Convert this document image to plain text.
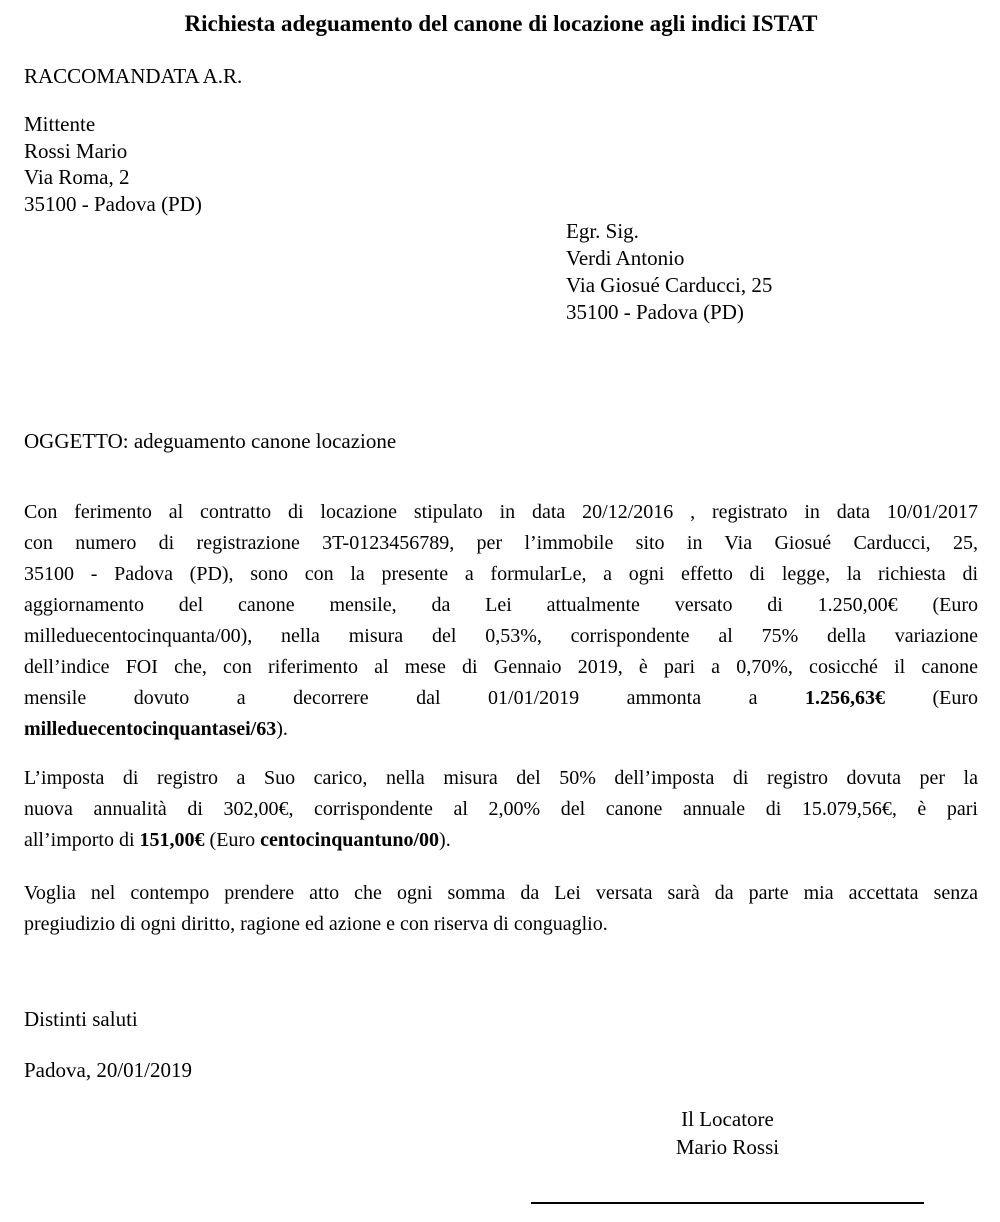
Richiesta adeguamento del canone di locazione agli indici ISTAT
RACCOMANDATA A.R.
Mittente
Rossi Mario
Via Roma, 2
35100 - Padova (PD)
Egr. Sig.
Verdi Antonio
Via Giosué Carducci, 25
35100 - Padova (PD)
OGGETTO: adeguamento canone locazione
Con ferimento al contratto di locazione stipulato in data 20/12/2016 , registrato in data 10/01/2017
con numero di registrazione 3T-0123456789, per l’immobile sito in Via Giosué Carducci, 25,
35100 - Padova (PD), sono con la presente a formularLe, a ogni effetto di legge, la richiesta di
aggiornamento del canone mensile, da Lei attualmente versato di 1.250,00€ (Euro
milleduecentocinquanta/00), nella misura del 0,53%, corrispondente al 75% della variazione
dell’indice FOI che, con riferimento al mese di Gennaio 2019, è pari a 0,70%, cosicché il canone
mensile dovuto a decorrere dal 01/01/2019 ammonta a 1.256,63€ (Euro
milleduecentocinquantasei/63).
L’imposta di registro a Suo carico, nella misura del 50% dell’imposta di registro dovuta per la
nuova annualità di 302,00€, corrispondente al 2,00% del canone annuale di 15.079,56€, è pari
all’importo di 151,00€ (Euro centocinquantuno/00).
Voglia nel contempo prendere atto che ogni somma da Lei versata sarà da parte mia accettata senza
pregiudizio di ogni diritto, ragione ed azione e con riserva di conguaglio.
Distinti saluti
Padova, 20/01/2019
Il Locatore
Mario Rossi
